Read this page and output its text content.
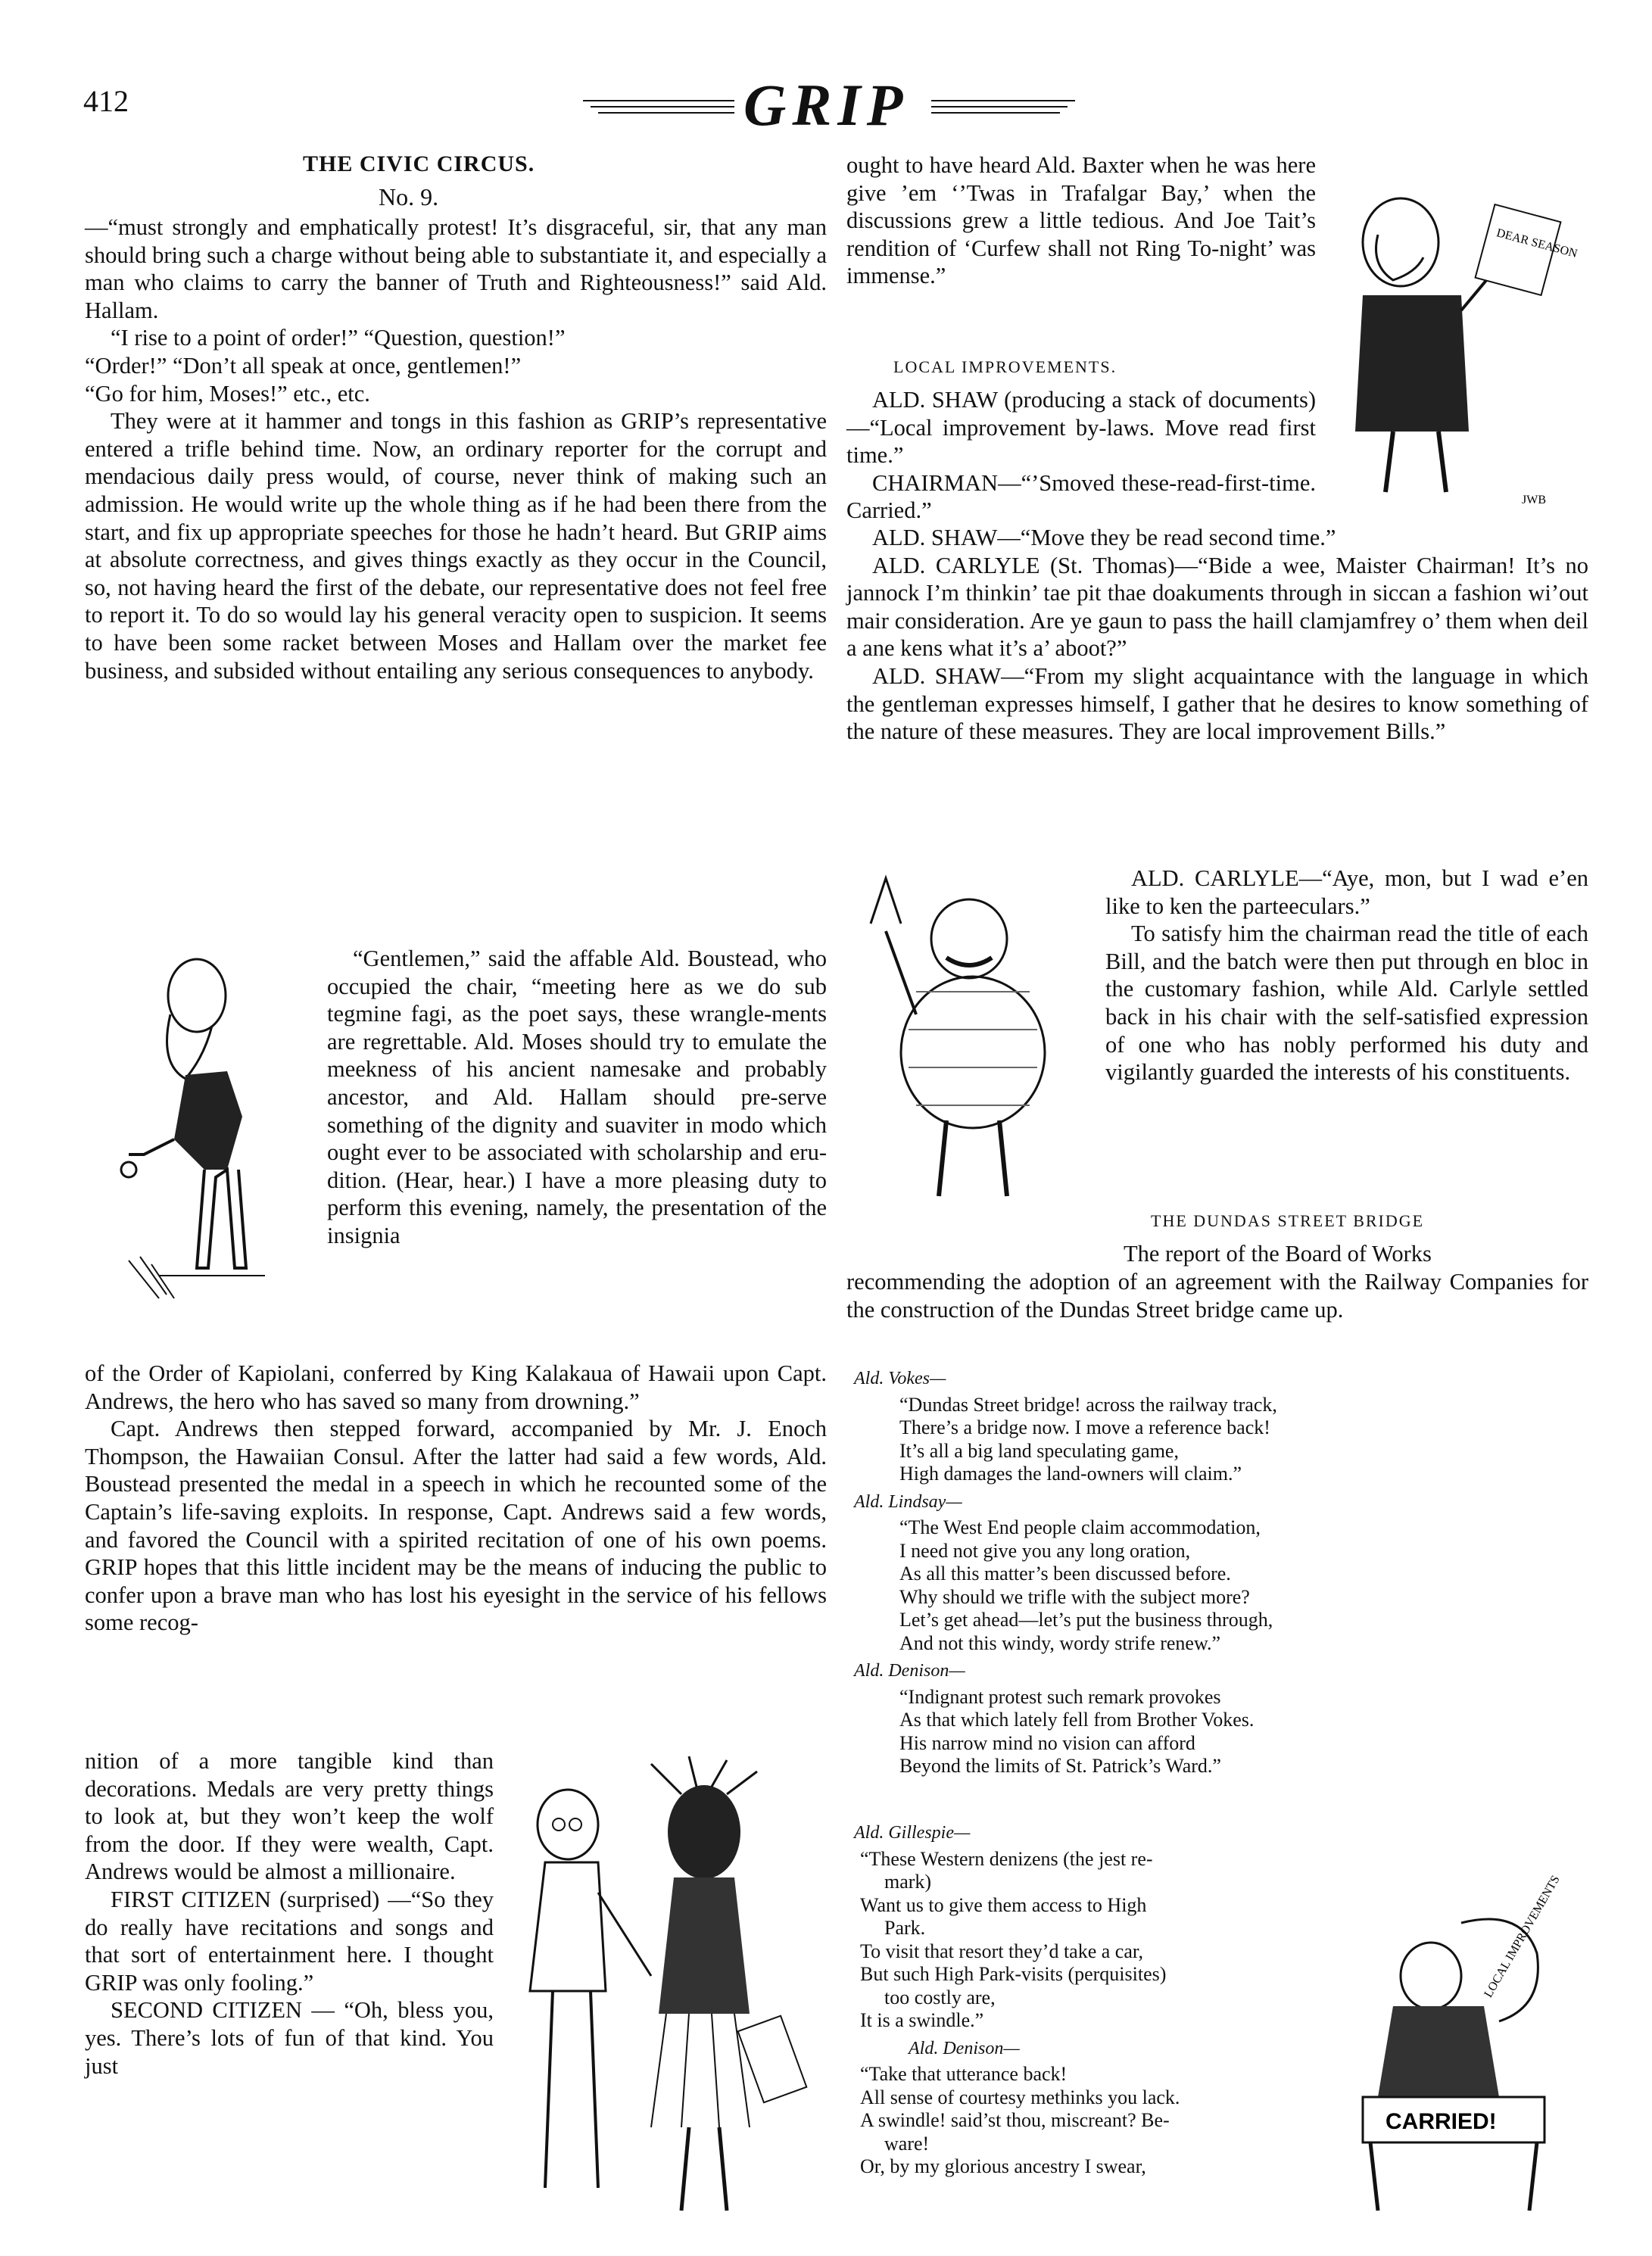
412	GRIP
THE CIVIC CIRCUS.
No. 9.

—“must strongly and emphatically protest! It’s disgraceful, sir, that any man should bring such a charge without being able to substantiate it, and especially a man who claims to carry the banner of Truth and Righteousness!” said Ald. Hallam.

“I rise to a point of order!” “Question, question!”

“Order!” “Don’t all speak at once, gentlemen!”

“Go for him, Moses!” etc., etc.

They were at it hammer and tongs in this fashion as GRIP’s representative entered a trifle behind time. Now, an ordinary reporter for the corrupt and mendacious daily press would, of course, never think of making such an admission. He would write up the whole thing as if he had been there from the start, and fix up appropriate speeches for those he hadn’t heard. But GRIP aims at absolute correctness, and gives things exactly as they occur in the Council, so, not having heard the first of the debate, our representative does not feel free to report it. To do so would lay his general veracity open to suspicion. It seems to have been some racket between Moses and Hallam over the market fee business, and subsided without entailing any serious consequences to anybody.

“Gentlemen,” said the affable Ald. Boustead, who occupied the chair, “meeting here as we do sub tegmine fagi, as the poet says, these wrangle-ments are regrettable. Ald. Moses should try to emulate the meekness of his ancient namesake and probably ancestor, and Ald. Hallam should pre-serve something of the dignity and suaviter in modo which ought ever to be associated with scholarship and eru-dition. (Hear, hear.) I have a more pleasing duty to perform this evening, namely, the presentation of the insignia

of the Order of Kapiolani, conferred by King Kalakaua of Hawaii upon Capt. Andrews, the hero who has saved so many from drowning.”

Capt. Andrews then stepped forward, accompanied by Mr. J. Enoch Thompson, the Hawaiian Consul. After the latter had said a few words, Ald. Boustead presented the medal in a speech in which he recounted some of the Captain’s life-saving exploits. In response, Capt. Andrews said a few words, and favored the Council with a spirited recitation of one of his own poems. GRIP hopes that this little incident may be the means of inducing the public to confer upon a brave man who has lost his eyesight in the service of his fellows some recog-

nition of a more tangible kind than decorations. Medals are very pretty things to look at, but they won’t keep the wolf from the door. If they were wealth, Capt. Andrews would be almost a millionaire.

FIRST CITIZEN (surprised) —“So they do really have recitations and songs and that sort of entertainment here. I thought GRIP was only fooling.”

SECOND CITIZEN — “Oh, bless you, yes. There’s lots of fun of that kind. You just

ought to have heard Ald. Baxter when he was here give ’em ‘’Twas in Trafalgar Bay,’ when the discussions grew a little tedious. And Joe Tait’s rendition of ‘Curfew shall not Ring To-night’ was immense.”

DEAR SEASON
JWB
LOCAL IMPROVEMENTS.

ALD. SHAW (producing a stack of documents)—“Local improvement by-laws. Move read first time.”

CHAIRMAN—“’Smoved these-read-first-time. Carried.”

ALD. SHAW—“Move they be read second time.”

ALD. CARLYLE (St. Thomas)—“Bide a wee, Maister Chairman! It’s no jannock I’m thinkin’ tae pit thae doakuments through in siccan a fashion wi’out mair consideration. Are ye gaun to pass the haill clamjamfrey o’ them when deil a ane kens what it’s a’ aboot?”

ALD. SHAW—“From my slight acquaintance with the language in which the gentleman expresses himself, I gather that he desires to know something of the nature of these measures. They are local improvement Bills.”

ALD. CARLYLE—“Aye, mon, but I wad e’en like to ken the parteeculars.”

To satisfy him the chairman read the title of each Bill, and the batch were then put through en bloc in the customary fashion, while Ald. Carlyle settled back in his chair with the self-satisfied expression of one who has nobly performed his duty and vigilantly guarded the interests of his constituents.

THE DUNDAS STREET BRIDGE
The report of the Board of Works

recommending the adoption of an agreement with the Railway Companies for the construction of the Dundas Street bridge came up.

Ald. Vokes—
“Dundas Street bridge! across the railway track,
There’s a bridge now. I move a reference back!
It’s all a big land speculating game,
High damages the land-owners will claim.”
Ald. Lindsay—
“The West End people claim accommodation,
I need not give you any long oration,
As all this matter’s been discussed before.
Why should we trifle with the subject more?
Let’s get ahead—let’s put the business through,
And not this windy, wordy strife renew.”
Ald. Denison—
“Indignant protest such remark provokes
As that which lately fell from Brother Vokes.
His narrow mind no vision can afford
Beyond the limits of St. Patrick’s Ward.”
Ald. Gillespie—
“These Western denizens (the jest re-
mark)
Want us to give them access to High
Park.
To visit that resort they’d take a car,
But such High Park-visits (perquisites)
too costly are,
It is a swindle.”
Ald. Denison—
“Take that utterance back!
All sense of courtesy methinks you lack.
A swindle! said’st thou, miscreant? Be-
ware!
Or, by my glorious ancestry I swear,
LOCAL IMPROVEMENTS
CARRIED!
